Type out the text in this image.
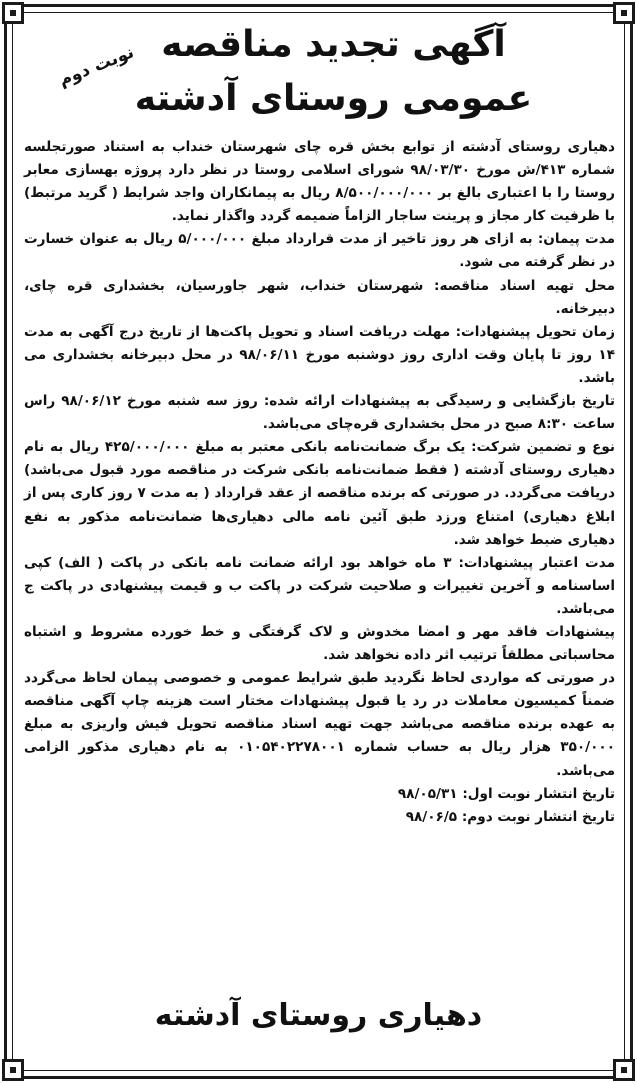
آگهی تجدید مناقصه
عمومی روستای آدشته
نوبت دوم

دهیاری روستای آدشته از توابع بخش قره چای شهرستان خنداب به استناد صورتجلسه شماره ۴۱۳/ش مورخ ۹۸/۰۳/۳۰ شورای اسلامی روستا در نظر دارد پروژه بهسازی معابر روستا را با اعتباری بالغ بر ۸/۵۰۰/۰۰۰/۰۰۰ ریال به پیمانکاران واجد شرایط ( گرید مرتبط) با ظرفیت کار مجاز و پرینت ساجار الزاماً ضمیمه گردد واگذار نماید.

مدت پیمان: به ازای هر روز تاخیر از مدت قرارداد مبلغ ۵/۰۰۰/۰۰۰ ریال به عنوان خسارت در نظر گرفته می شود.

محل تهیه اسناد مناقصه: شهرستان خنداب، شهر جاورسیان، بخشداری قره چای، دبیرخانه.

زمان تحویل پیشنهادات: مهلت دریافت اسناد و تحویل پاکت‌ها از تاریخ درج آگهی به مدت ۱۴ روز تا پایان وقت اداری روز دوشنبه مورخ ۹۸/۰۶/۱۱ در محل دبیرخانه بخشداری می باشد.

تاریخ بازگشایی و رسیدگی به پیشنهادات ارائه شده: روز سه شنبه مورخ ۹۸/۰۶/۱۲ راس ساعت ۸:۳۰ صبح در محل بخشداری قره‌چای می‌باشد.

نوع و تضمین شرکت: یک برگ ضمانت‌نامه بانکی معتبر به مبلغ ۴۲۵/۰۰۰/۰۰۰ ریال به نام دهیاری روستای آدشته ( فقط ضمانت‌نامه بانکی شرکت در مناقصه مورد قبول می‌باشد) دریافت می‌گردد. در صورتی که برنده مناقصه از عقد قرارداد ( به مدت ۷ روز کاری پس از ابلاغ دهیاری) امتناع ورزد طبق آئین نامه مالی دهیاری‌ها ضمانت‌نامه مذکور به نفع دهیاری ضبط خواهد شد.

مدت اعتبار پیشنهادات: ۳ ماه خواهد بود ارائه ضمانت نامه بانکی در پاکت ( الف) کپی اساسنامه و آخرین تغییرات و صلاحیت شرکت در پاکت ب و قیمت پیشنهادی در پاکت ج می‌باشد.

پیشنهادات فاقد مهر و امضا مخدوش و لاک گرفتگی و خط خورده مشروط و اشتباه محاسباتی مطلقاً ترتیب اثر داده نخواهد شد.

در صورتی که مواردی لحاظ نگردید طبق شرایط عمومی و خصوصی پیمان لحاظ می‌گردد ضمناً کمیسیون معاملات در رد یا قبول پیشنهادات مختار است هزینه چاپ آگهی مناقصه به عهده برنده مناقصه می‌باشد جهت تهیه اسناد مناقصه تحویل فیش واریزی به مبلغ ۳۵۰/۰۰۰ هزار ریال به حساب شماره ۰۱۰۵۴۰۲۲۷۸۰۰۱ به نام دهیاری مذکور الزامی می‌باشد.

تاریخ انتشار نوبت اول: ۹۸/۰۵/۳۱

تاریخ انتشار نوبت دوم: ۹۸/۰۶/۵

دهیاری روستای آدشته
